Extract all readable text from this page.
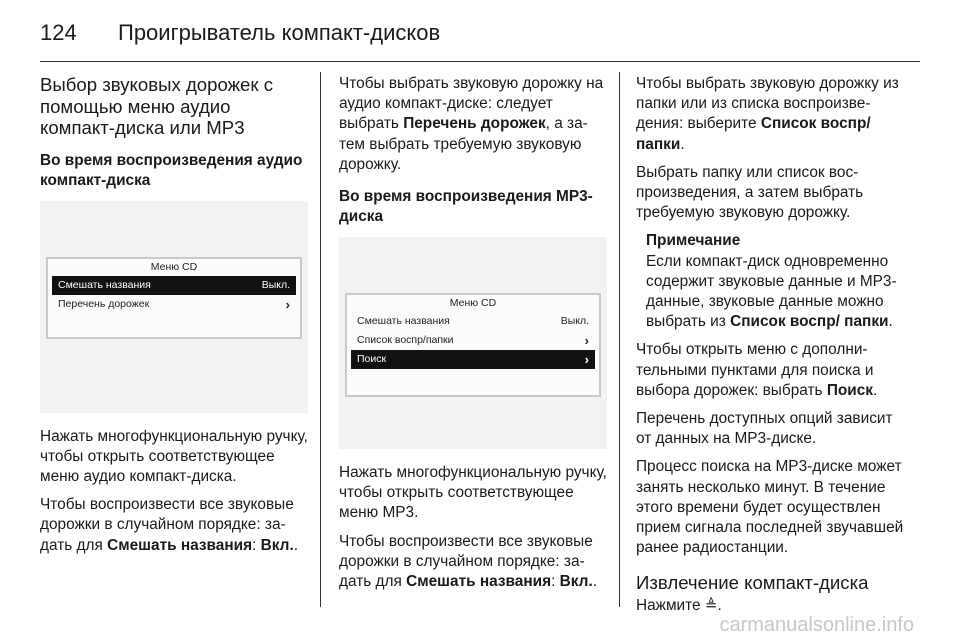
124 Проигрыватель компакт-дисков
Выбор звуковых дорожек с помощью меню аудио компакт-диска или MP3
Во время воспроизведения аудио компакт-диска
Меню CD
Смешать названия	Выкл.
Перечень дорожек	›

Нажать многофункциональную ручку, чтобы открыть соответствующее меню аудио компакт-диска.

Чтобы воспроизвести все звуковые дорожки в случайном порядке: задать для Смешать названия: Вкл..

Чтобы выбрать звуковую дорожку на аудио компакт-диске: следует выбрать Перечень дорожек, а затем выбрать требуемую звуковую дорожку.

Во время воспроизведения MP3-диска
Меню CD
Смешать названия	Выкл.
Список воспр/папки	›
Поиск	›

Нажать многофункциональную ручку, чтобы открыть соответствующее меню MP3.

Чтобы воспроизвести все звуковые дорожки в случайном порядке: задать для Смешать названия: Вкл..

Чтобы выбрать звуковую дорожку из папки или из списка воспроизведения: выберите Список воспр/ папки.

Выбрать папку или список воспроизведения, а затем выбрать требуемую звуковую дорожку.

Примечание

Если компакт-диск одновременно содержит звуковые данные и MP3-данные, звуковые данные можно выбрать из Список воспр/ папки.

Чтобы открыть меню с дополнительными пунктами для поиска и выбора дорожек: выбрать Поиск.

Перечень доступных опций зависит от данных на MP3-диске.

Процесс поиска на MP3-диске может занять несколько минут. В течение этого времени будет осуществлен прием сигнала последней звучавшей ранее радиостанции.

Извлечение компакт-диска

Нажмите ≜.

carmanualsonline.info
